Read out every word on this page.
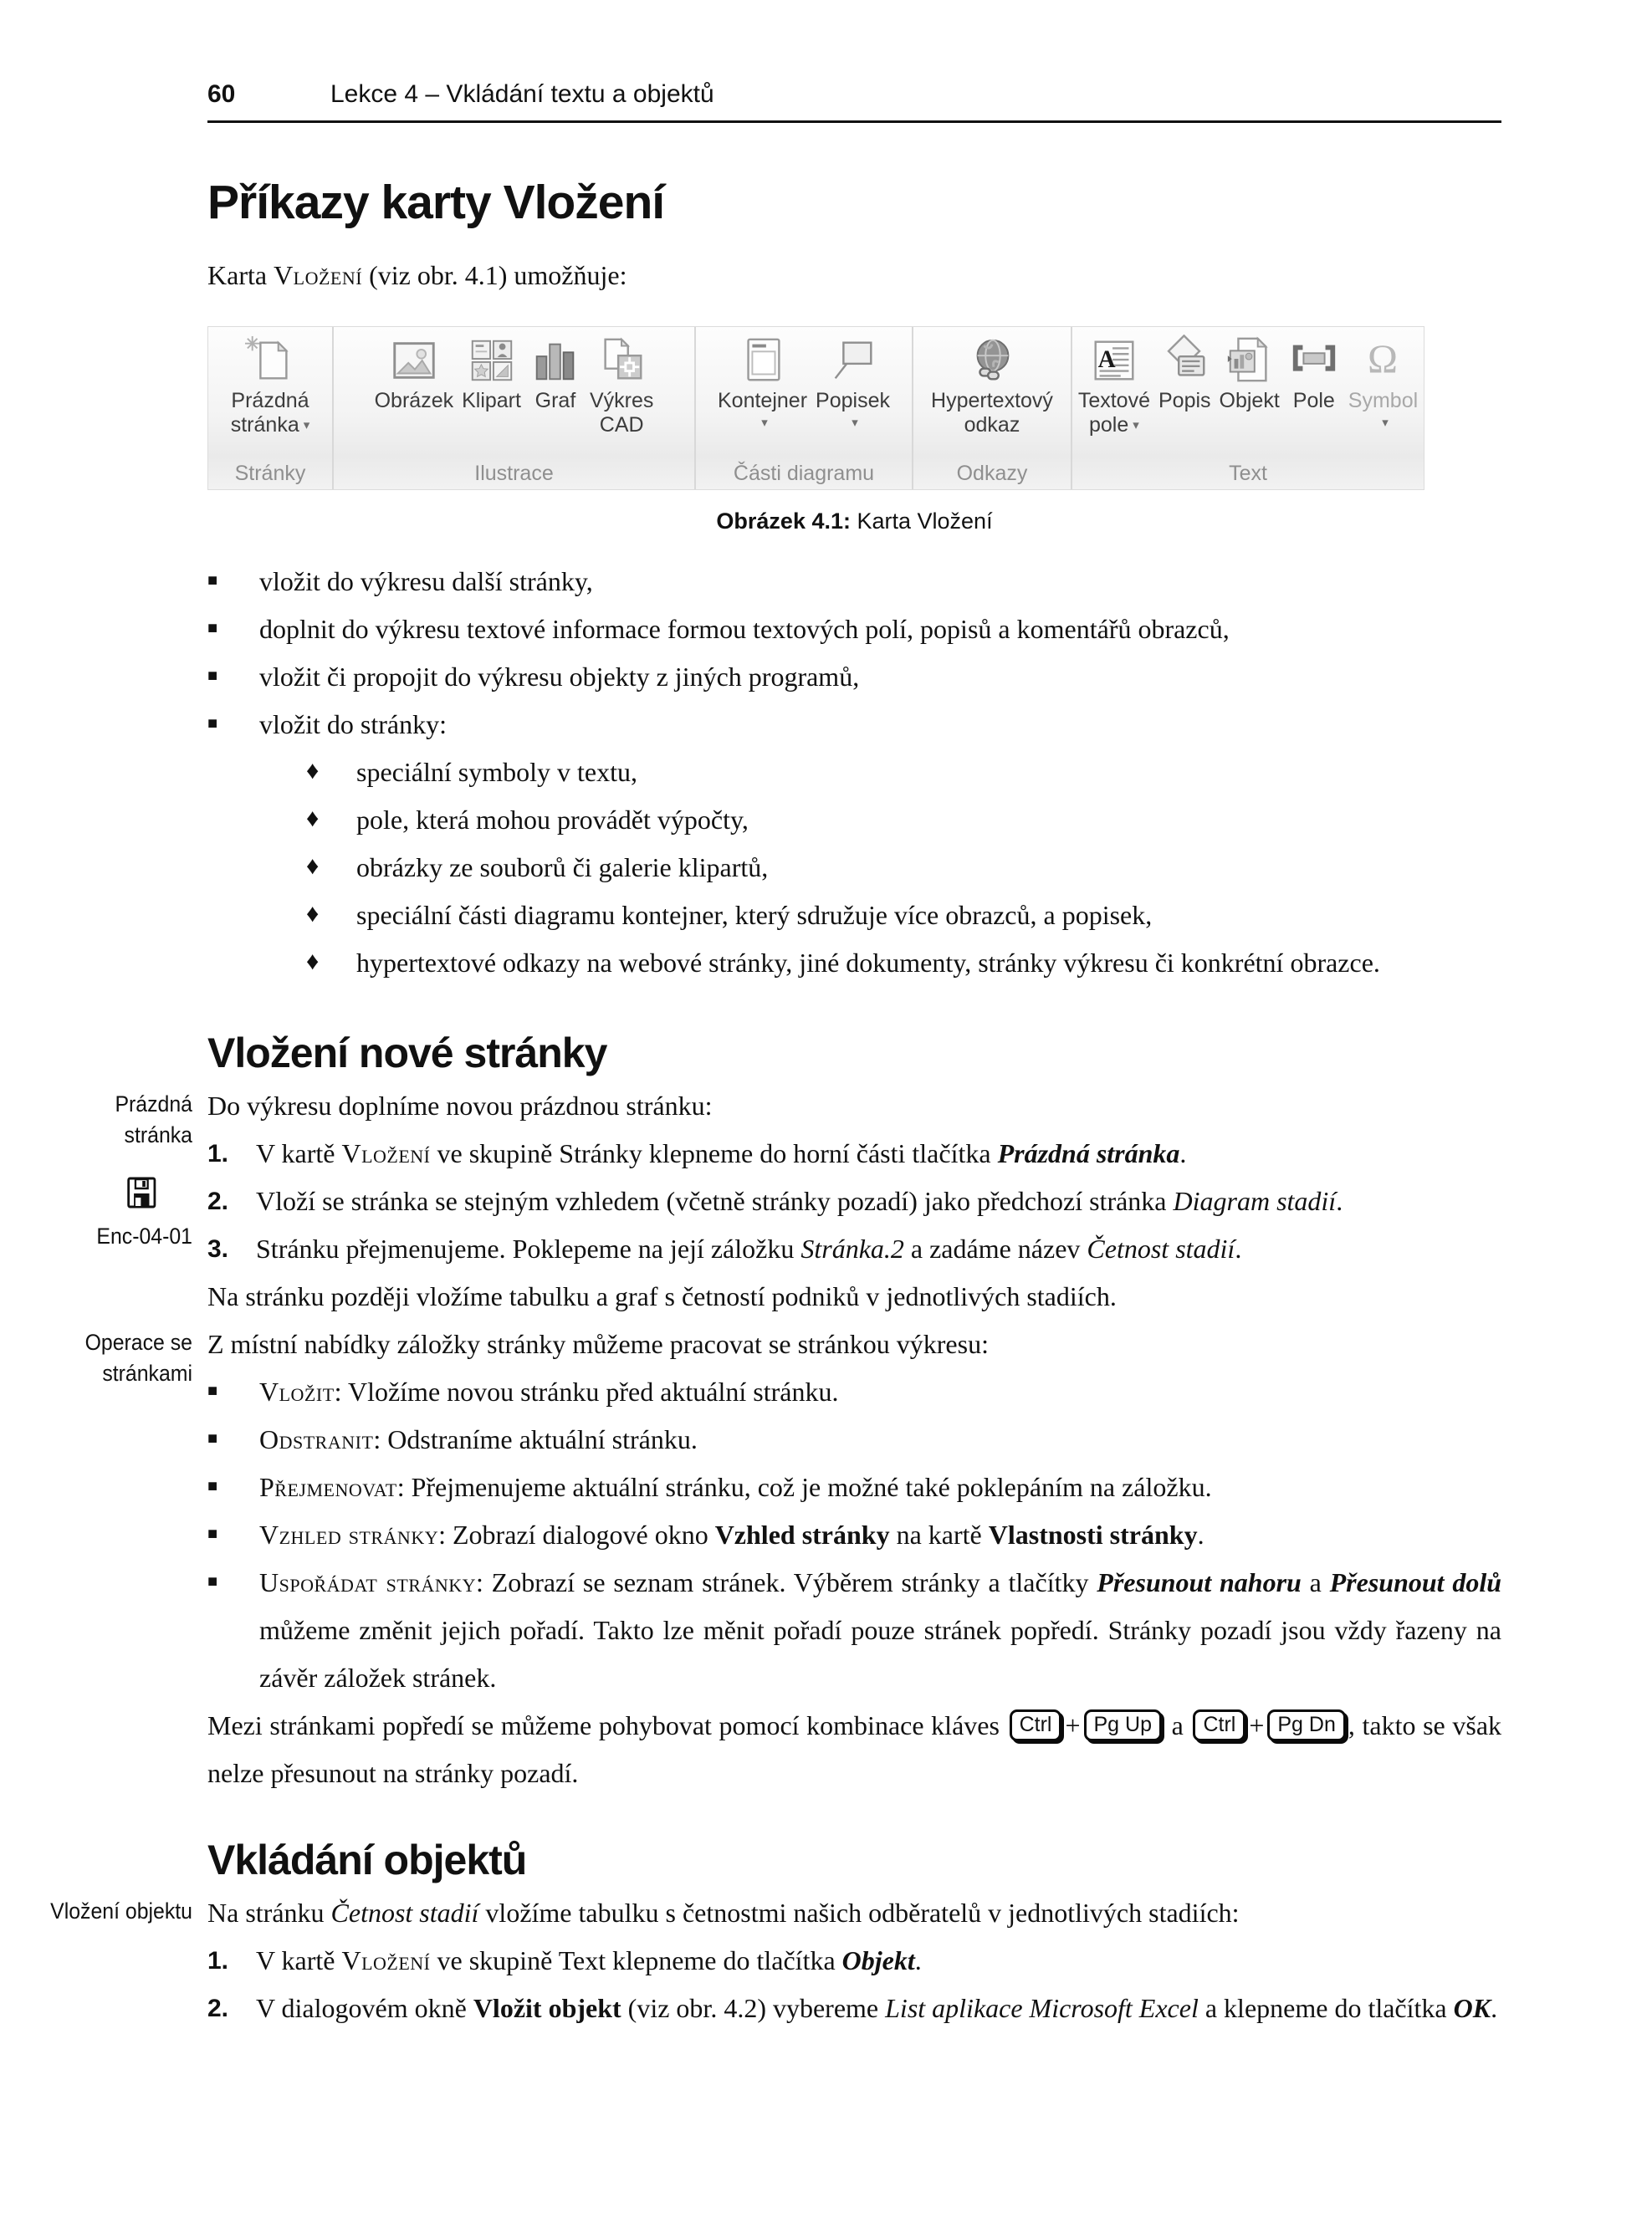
60	Lekce 4 – Vkládání textu a objektů
Příkazy karty Vložení

Karta Vložení (viz obr. 4.1) umožňuje:

Prázdná
stránka ▾
Stránky
Obrázek Klipart Graf Výkres
CAD
Ilustrace
Kontejner
▾
Popisek
▾
Části diagramu
Hypertextový
odkaz
Odkazy
A
Textové
pole ▾
Popis Objekt Pole
Ω
Symbol
▾
Text
Obrázek 4.1: Karta Vložení
■	vložit do výkresu další stránky,
■	doplnit do výkresu textové informace formou textových polí, popisů a komentářů obrazců,
■	vložit či propojit do výkresu objekty z jiných programů,
■	vložit do stránky:
♦	speciální symboly v textu,
♦	pole, která mohou provádět výpočty,
♦	obrázky ze souborů či galerie klipartů,
♦	speciální části diagramu kontejner, který sdružuje více obrazců, a popisek,
♦	hypertextové odkazy na webové stránky, jiné dokumenty, stránky výkresu či konkrétní obrazce.
Vložení nové stránky
Prázdná stránka

Do výkresu doplníme novou prázdnou stránku:

1.	V kartě Vložení ve skupině Stránky klepneme do horní části tlačítka Prázdná stránka.
Enc-04-01
2.	Vloží se stránka se stejným vzhledem (včetně stránky pozadí) jako předchozí stránka Diagram stadií.
3.	Stránku přejmenujeme. Poklepeme na její záložku Stránka.2 a zadáme název Četnost stadií.

Na stránku později vložíme tabulku a graf s četností podniků v jednotlivých stadiích.

Operace se stránkami

Z místní nabídky záložky stránky můžeme pracovat se stránkou výkresu:

■	Vložit: Vložíme novou stránku před aktuální stránku.
■	Odstranit: Odstraníme aktuální stránku.
■	Přejmenovat: Přejmenujeme aktuální stránku, což je možné také poklepáním na záložku.
■	Vzhled stránky: Zobrazí dialogové okno Vzhled stránky na kartě Vlastnosti stránky.
■	Uspořádat stránky: Zobrazí se seznam stránek. Výběrem stránky a tlačítky Přesunout nahoru a Přesunout dolů můžeme změnit jejich pořadí. Takto lze měnit pořadí pouze stránek popředí. Stránky pozadí jsou vždy řazeny na závěr záložek stránek.

Mezi stránkami popředí se můžeme pohybovat pomocí kombinace kláves Ctrl + Pg Up a Ctrl + Pg Dn , takto se však nelze přesunout na stránky pozadí.

Vkládání objektů
Vložení objektu Na stránku Četnost stadií vložíme tabulku s četnostmi našich odběratelů v jednotlivých stadiích:

1.	V kartě Vložení ve skupině Text klepneme do tlačítka Objekt.
2.	V dialogovém okně Vložit objekt (viz obr. 4.2) vybereme List aplikace Microsoft Excel a klepneme do tlačítka OK.
